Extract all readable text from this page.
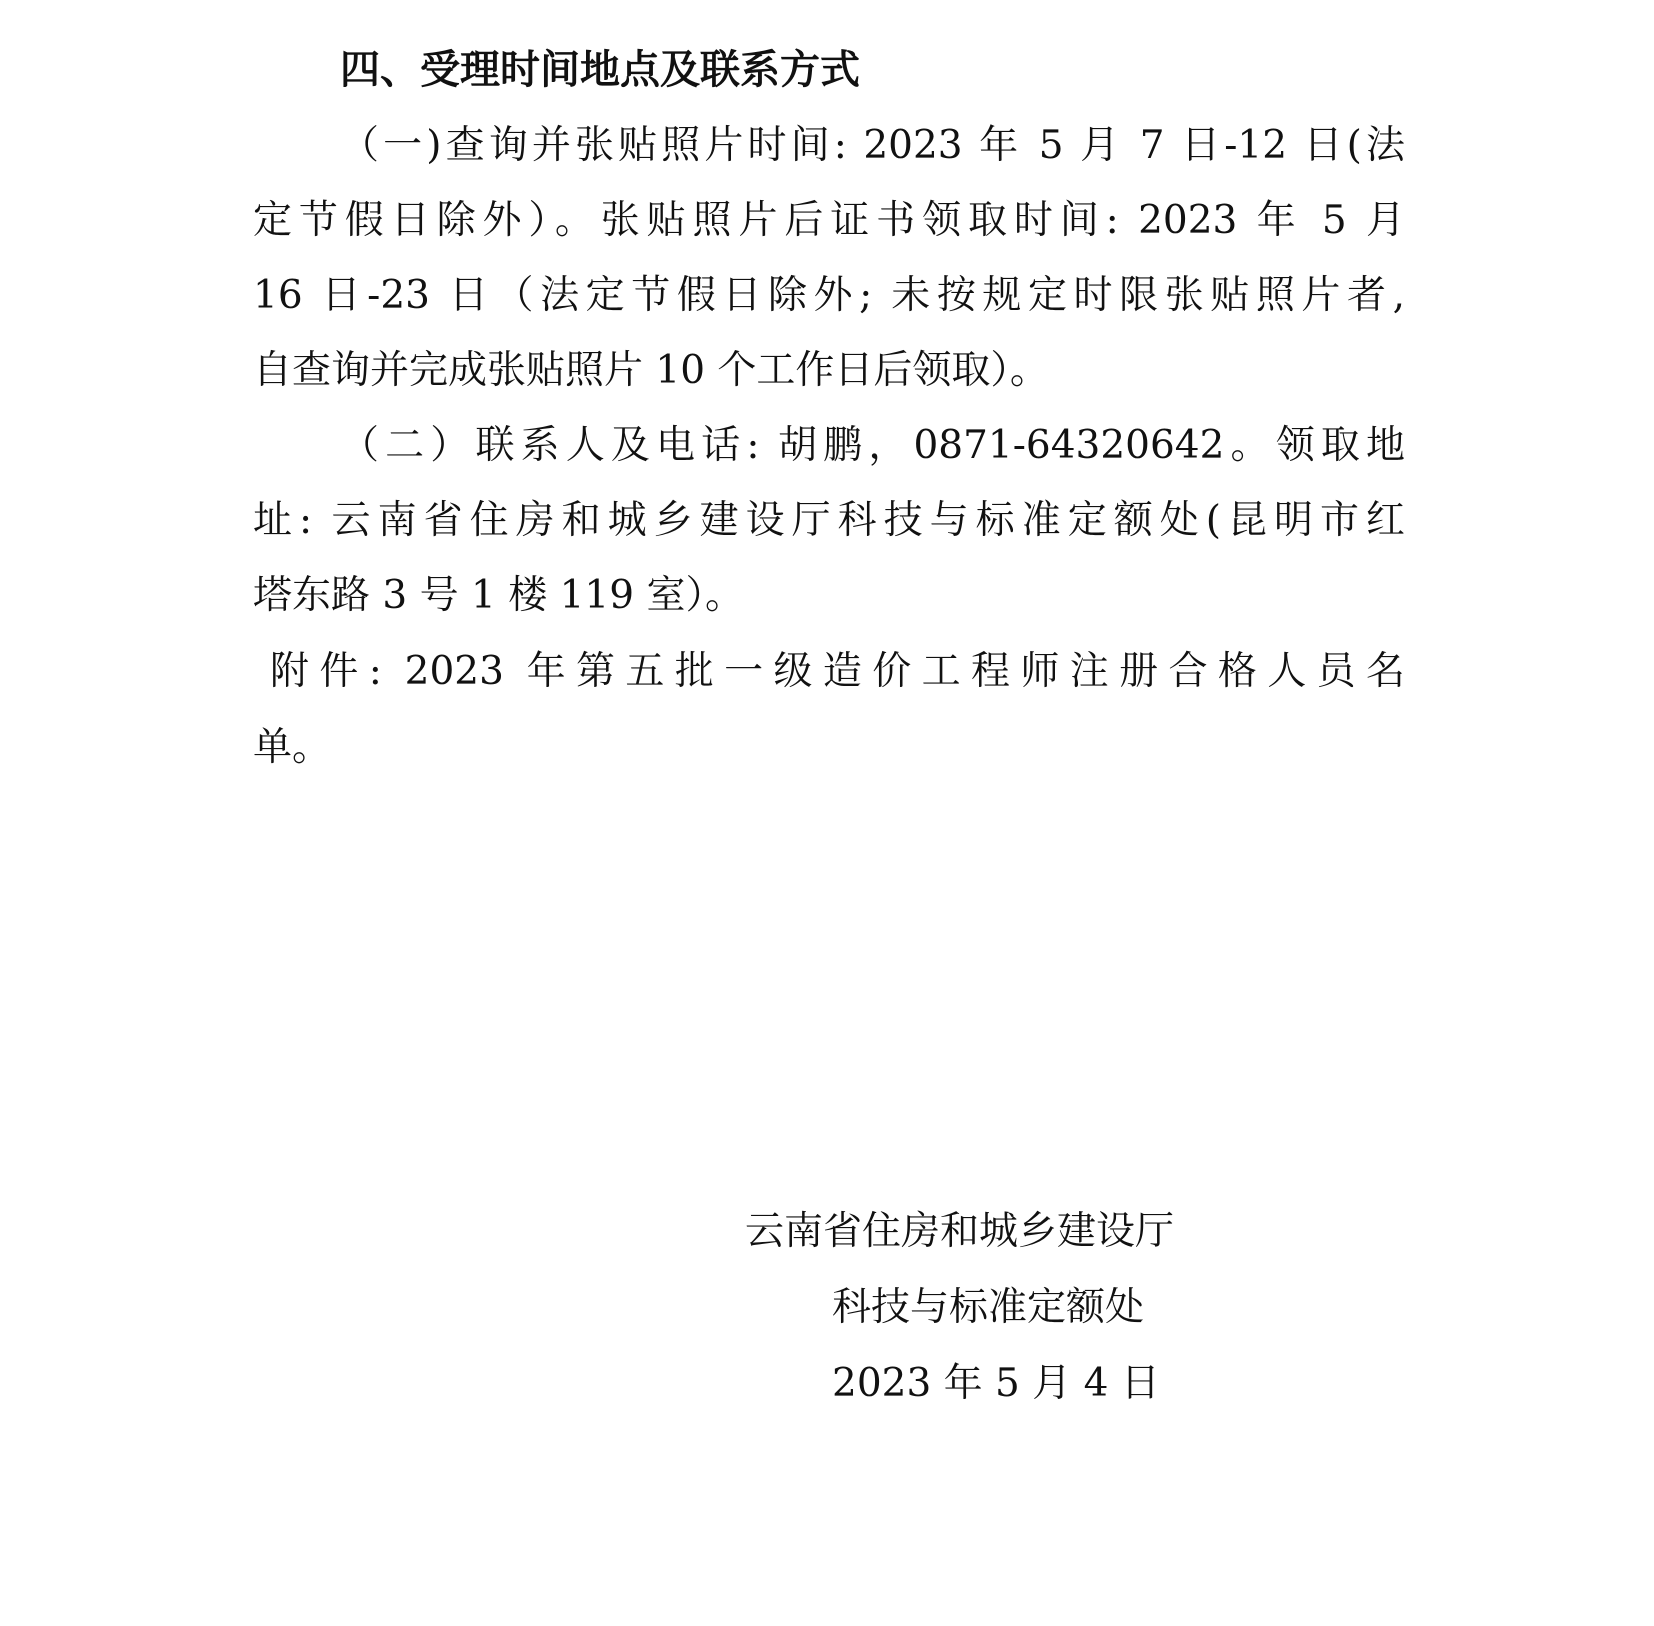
四、受理时间地点及联系方式
（一)查询并张贴照片时间: 2023 年 5 月 7 日-12 日(法
定节假日除外）。张贴照片后证书领取时间: 2023 年 5 月
16 日-23 日（法定节假日除外; 未按规定时限张贴照片者,
自查询并完成张贴照片 10 个工作日后领取）。
（二）联系人及电话: 胡鹏，0871-64320642。领取地
址: 云南省住房和城乡建设厅科技与标准定额处(昆明市红
塔东路 3 号 1 楼 119 室）。
附件: 2023 年第五批一级造价工程师注册合格人员名
单。
云南省住房和城乡建设厅
科技与标准定额处
2023 年 5 月 4 日
